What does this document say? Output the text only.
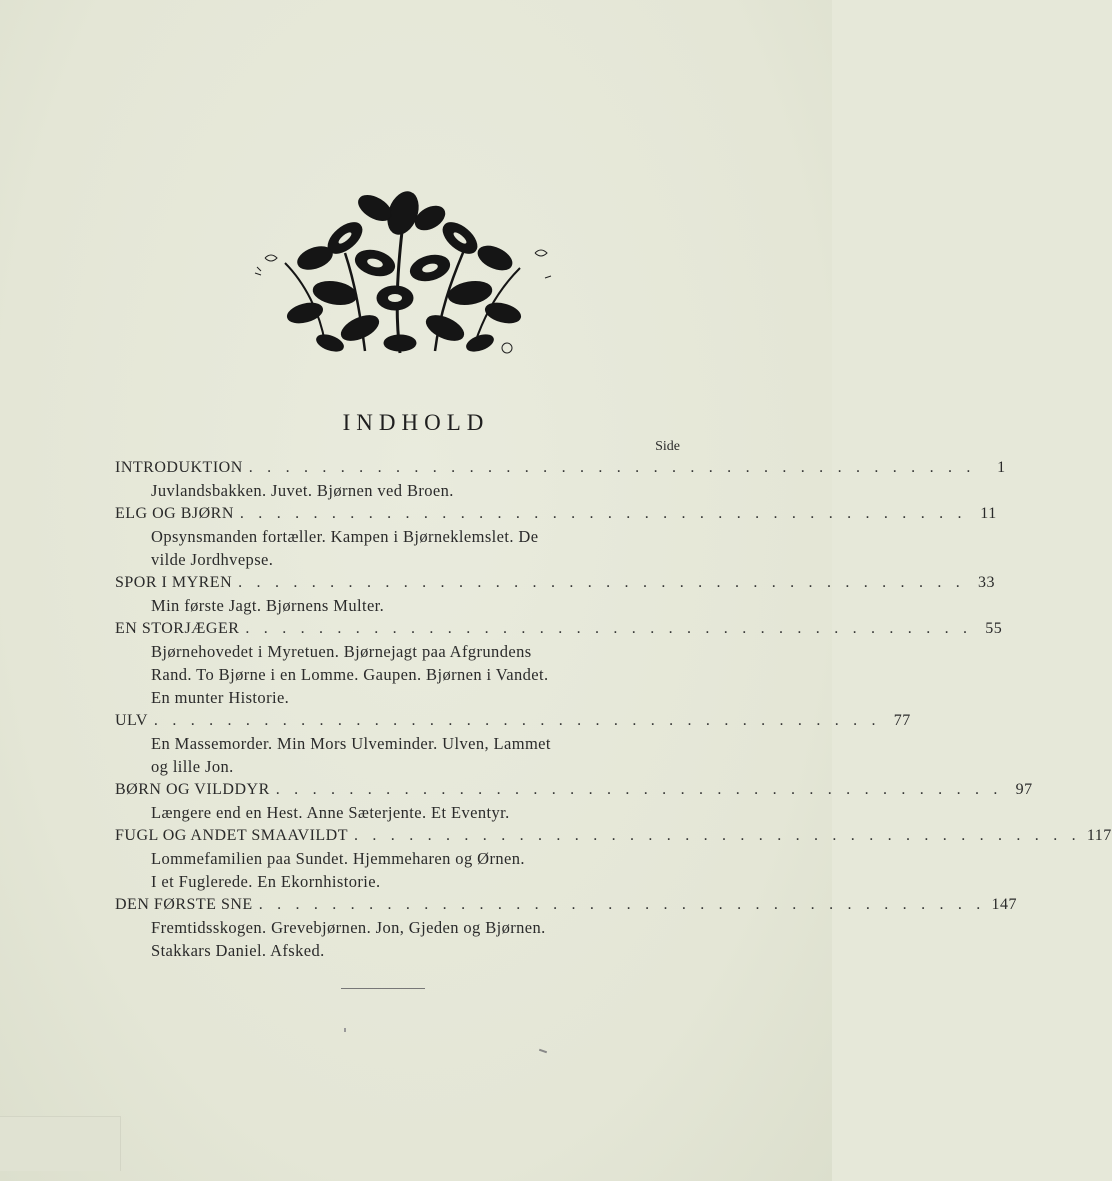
INDHOLD
Side
INTRODUKTION . . . . . . . . . . . . . . . . . . . . . . . . . . . . . . . . . . . . . . . .	1
Juvlandsbakken. Juvet. Bjørnen ved Broen.
ELG OG BJØRN . . . . . . . . . . . . . . . . . . . . . . . . . . . . . . . . . . . . . . . . 11
Opsynsmanden fortæller. Kampen i Bjørneklemslet. De
vilde Jordhvepse.
SPOR I MYREN . . . . . . . . . . . . . . . . . . . . . . . . . . . . . . . . . . . . . . . . 33
Min første Jagt. Bjørnens Multer.
EN STORJÆGER . . . . . . . . . . . . . . . . . . . . . . . . . . . . . . . . . . . . . . . . 55
Bjørnehovedet i Myretuen. Bjørnejagt paa Afgrundens
Rand. To Bjørne i en Lomme. Gaupen. Bjørnen i Vandet.
En munter Historie.
ULV . . . . . . . . . . . . . . . . . . . . . . . . . . . . . . . . . . . . . . . . 77
En Massemorder. Min Mors Ulveminder. Ulven, Lammet
og lille Jon.
BØRN OG VILDDYR . . . . . . . . . . . . . . . . . . . . . . . . . . . . . . . . . . . . . . . . 97
Længere end en Hest. Anne Sæterjente. Et Eventyr.
FUGL OG ANDET SMAAVILDT . . . . . . . . . . . . . . . . . . . . . . . . . . . . . . . . . . . . . . . . 117
Lommefamilien paa Sundet. Hjemmeharen og Ørnen.
I et Fuglerede. En Ekornhistorie.
DEN FØRSTE SNE . . . . . . . . . . . . . . . . . . . . . . . . . . . . . . . . . . . . . . . . 147
Fremtidsskogen. Grevebjørnen. Jon, Gjeden og Bjørnen.
Stakkars Daniel. Afsked.
